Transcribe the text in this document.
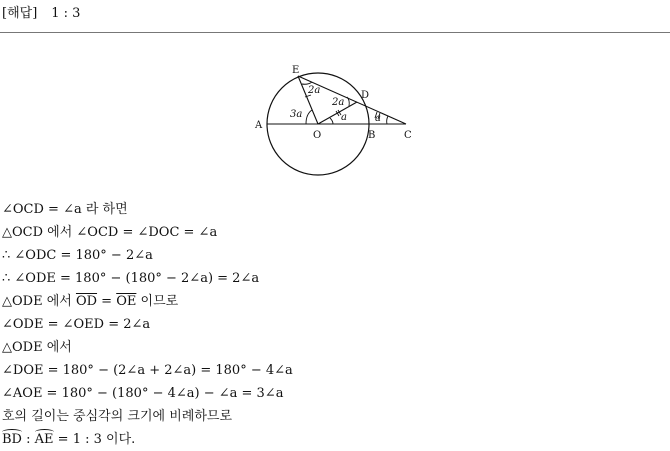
[해답] 1 : 3
E
D
A
O	B	C
2a
2a
3a	a	a
∠OCD = ∠a 라 하면
△OCD 에서 ∠OCD = ∠DOC = ∠a
∴ ∠ODC = 180° − 2∠a
∴ ∠ODE = 180° − (180° − 2∠a) = 2∠a
△ODE 에서 $\overline{OD} = \overline{OE}$ 이므로
∠ODE = ∠OED = 2∠a
△ODE 에서
∠DOE = 180° − (2∠a + 2∠a) = 180° − 4∠a
∠AOE = 180° − (180° − 4∠a) − ∠a = 3∠a
호의 길이는 중심각의 크기에 비례하므로
BD : AE = 1 : 3 이다.
